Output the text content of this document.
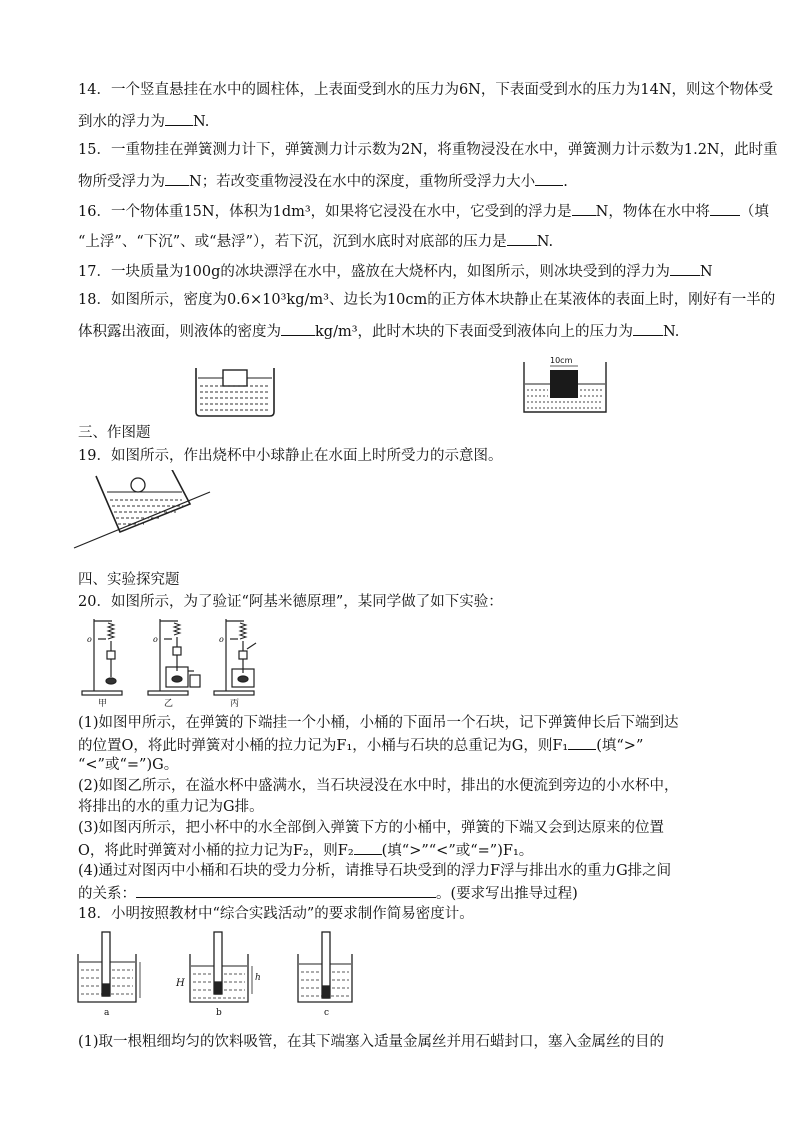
14．一个竖直悬挂在水中的圆柱体，上表面受到水的压力为6N，下表面受到水的压力为14N，则这个物体受
到水的浮力为 N.
15．一重物挂在弹簧测力计下，弹簧测力计示数为2N，将重物浸没在水中，弹簧测力计示数为1.2N，此时重
物所受浮力为 N；若改变重物浸没在水中的深度，重物所受浮力大小 .
16．一个物体重15N，体积为1dm³，如果将它浸没在水中，它受到的浮力是 N，物体在水中将 （填
“上浮”、“下沉”、或“悬浮”），若下沉，沉到水底时对底部的压力是 N.
17．一块质量为100g的冰块漂浮在水中，盛放在大烧杯内，如图所示，则冰块受到的浮力为 N
18．如图所示，密度为0.6×10³kg/m³、边长为10cm的正方体木块静止在某液体的表面上时，刚好有一半的
体积露出液面，则液体的密度为 kg/m³，此时木块的下表面受到液体向上的压力为 N.
10cm
三、作图题
19．如图所示，作出烧杯中小球静止在水面上时所受力的示意图。
四、实验探究题
20．如图所示，为了验证“阿基米德原理”，某同学做了如下实验：
o	o	o
甲	乙	丙
(1)如图甲所示，在弹簧的下端挂一个小桶，小桶的下面吊一个石块，记下弹簧伸长后下端到达
的位置O，将此时弹簧对小桶的拉力记为F₁，小桶与石块的总重记为G，则F₁ (填“>”
“<”或“=”)G。
(2)如图乙所示，在溢水杯中盛满水，当石块浸没在水中时，排出的水便流到旁边的小水杯中，
将排出的水的重力记为G排。
(3)如图丙所示，把小杯中的水全部倒入弹簧下方的小桶中，弹簧的下端又会到达原来的位置
O，将此时弹簧对小桶的拉力记为F₂，则F₂ (填“>”“<”或“=”)F₁。
(4)通过对图丙中小桶和石块的受力分析，请推导石块受到的浮力F浮与排出水的重力G排之间
的关系：	。(要求写出推导过程)
18．小明按照教材中“综合实践活动”的要求制作简易密度计。
H	h
a	b	c
(1)取一根粗细均匀的饮料吸管，在其下端塞入适量金属丝并用石蜡封口，塞入金属丝的目的
